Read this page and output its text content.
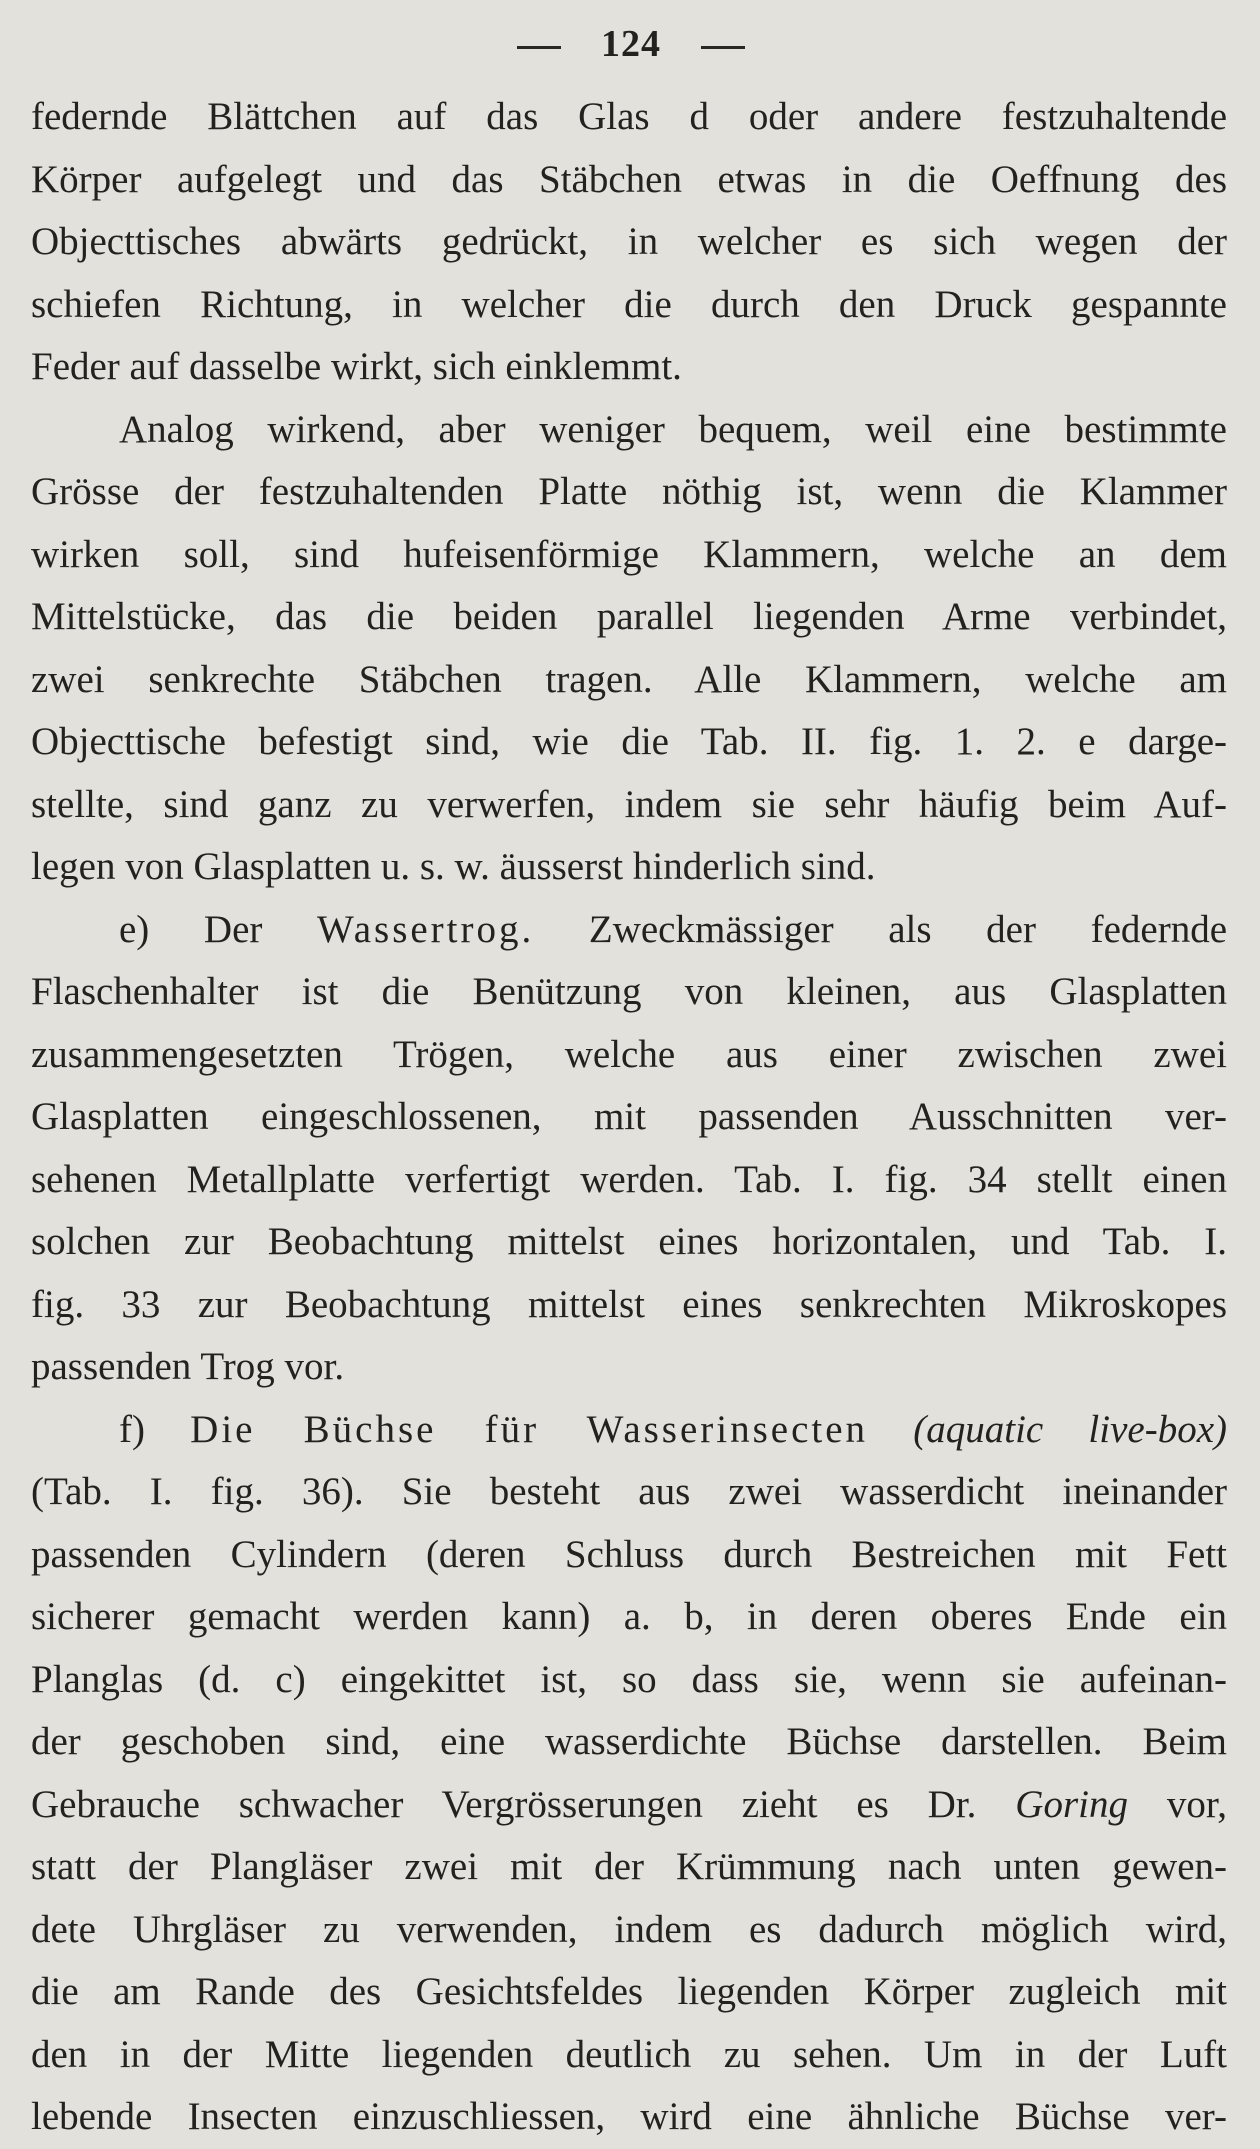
124

federnde Blättchen auf das Glas d oder andere festzuhaltende
Körper aufgelegt und das Stäbchen etwas in die Oeffnung des
Objecttisches abwärts gedrückt, in welcher es sich wegen der
schiefen Richtung, in welcher die durch den Druck gespannte
Feder auf dasselbe wirkt, sich einklemmt.

Analog wirkend, aber weniger bequem, weil eine bestimmte
Grösse der festzuhaltenden Platte nöthig ist, wenn die Klammer
wirken soll, sind hufeisenförmige Klammern, welche an dem
Mittelstücke, das die beiden parallel liegenden Arme verbindet,
zwei senkrechte Stäbchen tragen. Alle Klammern, welche am
Objecttische befestigt sind, wie die Tab. II. fig. 1. 2. e darge-
stellte, sind ganz zu verwerfen, indem sie sehr häufig beim Auf-
legen von Glasplatten u. s. w. äusserst hinderlich sind.

e) Der Wassertrog. Zweckmässiger als der federnde
Flaschenhalter ist die Benützung von kleinen, aus Glasplatten
zusammengesetzten Trögen, welche aus einer zwischen zwei
Glasplatten eingeschlossenen, mit passenden Ausschnitten ver-
sehenen Metallplatte verfertigt werden. Tab. I. fig. 34 stellt einen
solchen zur Beobachtung mittelst eines horizontalen, und Tab. I.
fig. 33 zur Beobachtung mittelst eines senkrechten Mikroskopes
passenden Trog vor.

f) Die Büchse für Wasserinsecten (aquatic live-box)
(Tab. I. fig. 36). Sie besteht aus zwei wasserdicht ineinander
passenden Cylindern (deren Schluss durch Bestreichen mit Fett
sicherer gemacht werden kann) a. b, in deren oberes Ende ein
Planglas (d. c) eingekittet ist, so dass sie, wenn sie aufeinan-
der geschoben sind, eine wasserdichte Büchse darstellen. Beim
Gebrauche schwacher Vergrösserungen zieht es Dr. Goring vor,
statt der Plangläser zwei mit der Krümmung nach unten gewen-
dete Uhrgläser zu verwenden, indem es dadurch möglich wird,
die am Rande des Gesichtsfeldes liegenden Körper zugleich mit
den in der Mitte liegenden deutlich zu sehen. Um in der Luft
lebende Insecten einzuschliessen, wird eine ähnliche Büchse ver-
